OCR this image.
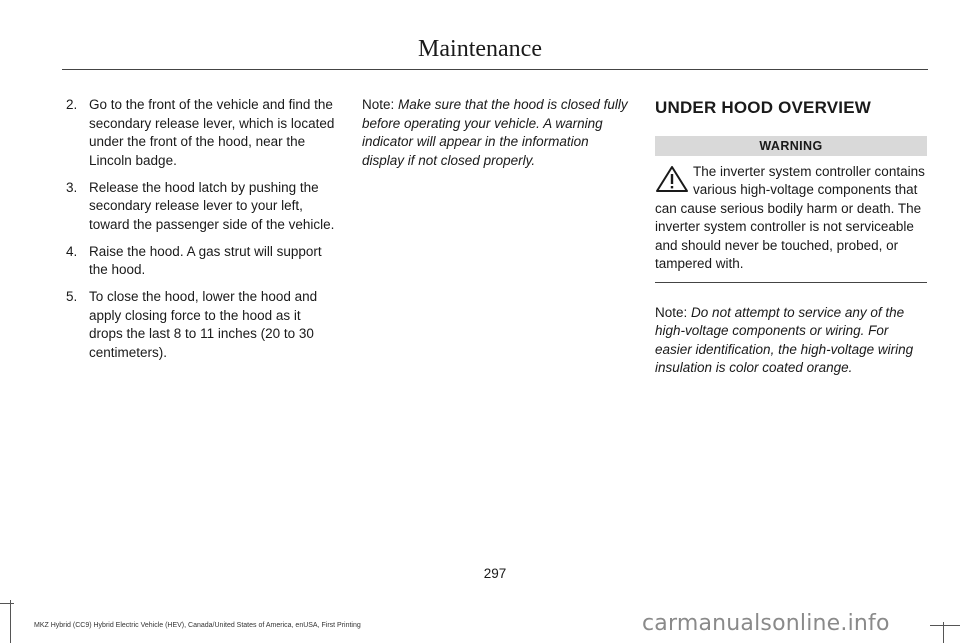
Maintenance
2. Go to the front of the vehicle and find the secondary release lever, which is located under the front of the hood, near the Lincoln badge.
3. Release the hood latch by pushing the secondary release lever to your left, toward the passenger side of the vehicle.
4. Raise the hood. A gas strut will support the hood.
5. To close the hood, lower the hood and apply closing force to the hood as it drops the last 8 to 11 inches (20 to 30 centimeters).
Note: Make sure that the hood is closed fully before operating your vehicle. A warning indicator will appear in the information display if not closed properly.
UNDER HOOD OVERVIEW
WARNING
The inverter system controller contains various high-voltage components that can cause serious bodily harm or death. The inverter system controller is not serviceable and should never be touched, probed, or tampered with.
Note: Do not attempt to service any of the high-voltage components or wiring. For easier identification, the high-voltage wiring insulation is color coated orange.
297
MKZ Hybrid (CC9) Hybrid Electric Vehicle (HEV), Canada/United States of America, enUSA, First Printing	carmanualsonline.info
